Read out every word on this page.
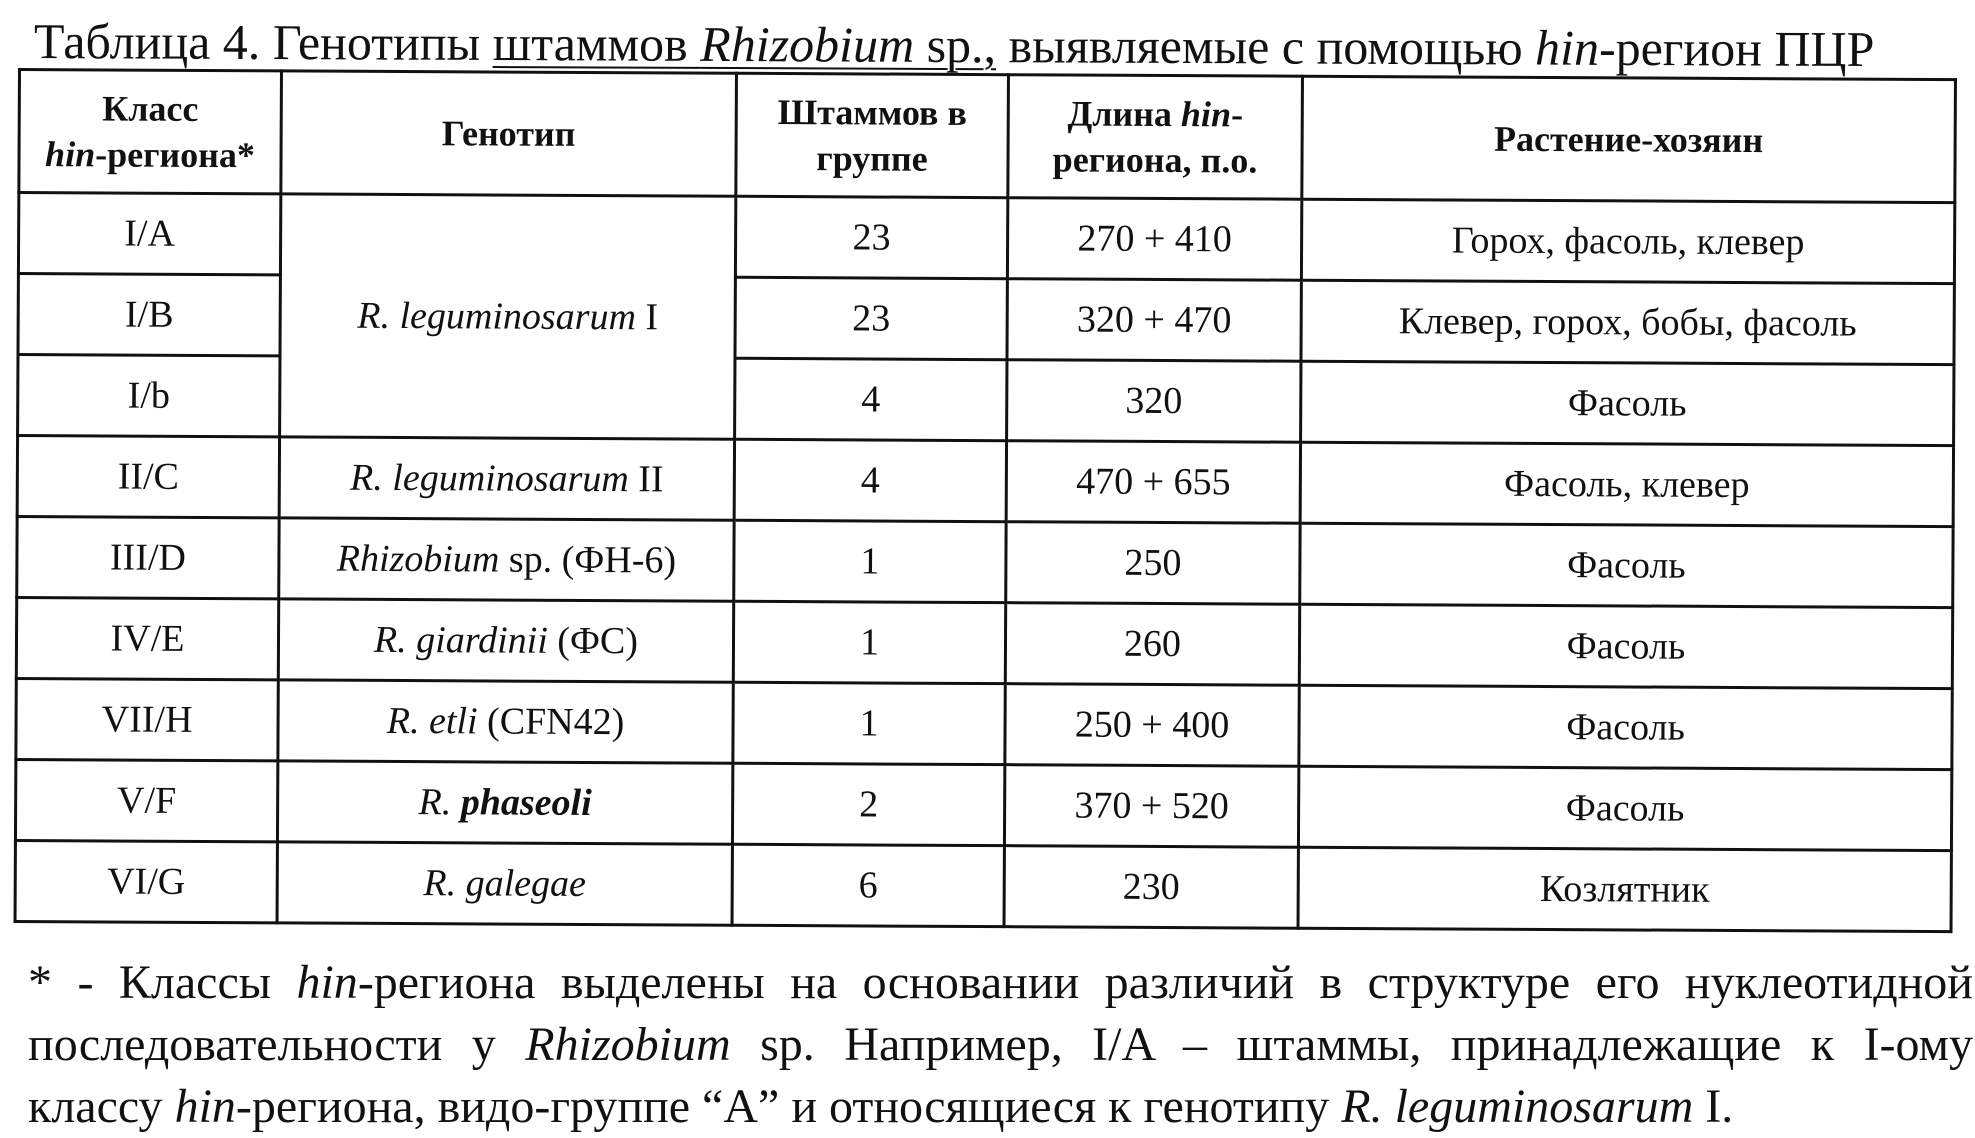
Таблица 4. Генотипы штаммов Rhizobium sp., выявляемые с помощью hin-регион ПЦР
Класс
hin-региона*	Генотип	Штаммов в группе	Длина hin-региона, п.о.	Растение-хозяин
I/A	R. leguminosarum I	23	270 + 410	Горох, фасоль, клевер
I/B	23	320 + 470	Клевер, горох, бобы, фасоль
I/b	4	320	Фасоль
II/C	R. leguminosarum II	4	470 + 655	Фасоль, клевер
III/D	Rhizobium sp. (ФН-6)	1	250	Фасоль
IV/E	R. giardinii (ФС)	1	260	Фасоль
VII/H	R. etli (CFN42)	1	250 + 400	Фасоль
V/F	R. phaseoli	2	370 + 520	Фасоль
VI/G	R. galegae	6	230	Козлятник
* - Классы hin-региона выделены на основании различий в структуре его нуклеотидной
последовательности у Rhizobium sp. Например, I/A – штаммы, принадлежащие к I-ому
классу hin-региона, видо-группе “А” и относящиеся к генотипу R. leguminosarum I.
